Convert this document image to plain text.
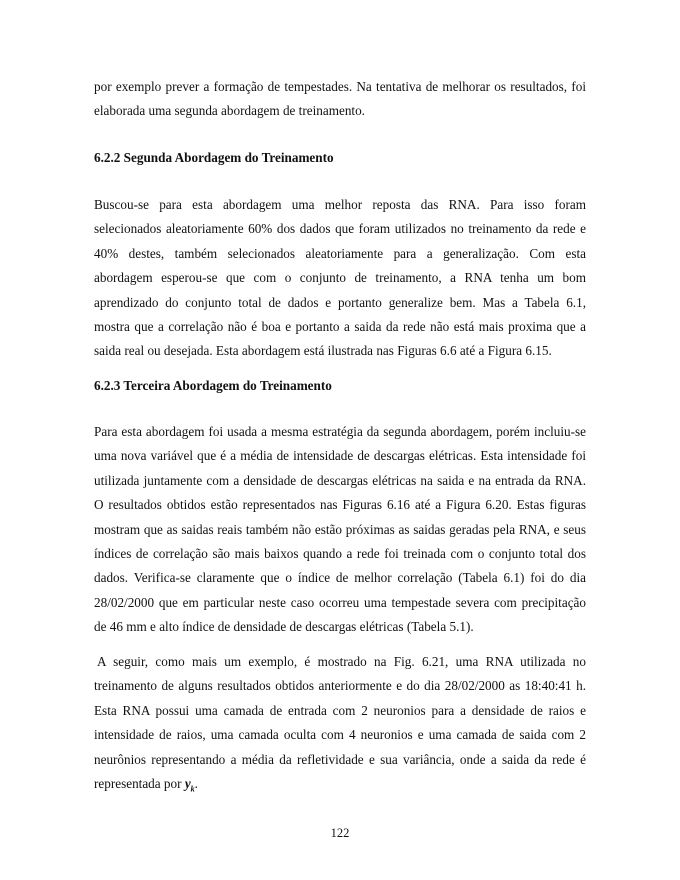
por exemplo prever a formação de tempestades. Na tentativa de melhorar os resultados, foi
elaborada uma segunda abordagem de treinamento.
6.2.2 Segunda Abordagem do Treinamento
Buscou-se para esta abordagem uma melhor reposta das RNA. Para isso foram
selecionados aleatoriamente 60% dos dados que foram utilizados no treinamento da rede e
40% destes, também selecionados aleatoriamente para a generalização. Com esta
abordagem esperou-se que com o conjunto de treinamento, a RNA tenha um bom
aprendizado do conjunto total de dados e portanto generalize bem. Mas a Tabela 6.1,
mostra que a correlação não é boa e portanto a saida da rede não está mais proxima que a
saida real ou desejada. Esta abordagem está ilustrada nas Figuras 6.6 até a Figura 6.15.
6.2.3 Terceira Abordagem do Treinamento
Para esta abordagem foi usada a mesma estratégia da segunda abordagem, porém incluiu-se
uma nova variável que é a média de intensidade de descargas elétricas. Esta intensidade foi
utilizada juntamente com a densidade de descargas elétricas na saida e na entrada da RNA.
O resultados obtidos estão representados nas Figuras 6.16 até a Figura 6.20. Estas figuras
mostram que as saidas reais também não estão próximas as saidas geradas pela RNA, e seus
índices de correlação são mais baixos quando a rede foi treinada com o conjunto total dos
dados. Verifica-se claramente que o índice de melhor correlação (Tabela 6.1) foi do dia
28/02/2000 que em particular neste caso ocorreu uma tempestade severa com precipitação
de 46 mm e alto índice de densidade de descargas elétricas (Tabela 5.1).
A seguir, como mais um exemplo, é mostrado na Fig. 6.21, uma RNA utilizada no
treinamento de alguns resultados obtidos anteriormente e do dia 28/02/2000 as 18:40:41 h.
Esta RNA possui uma camada de entrada com 2 neuronios para a densidade de raios e
intensidade de raios, uma camada oculta com 4 neuronios e uma camada de saida com 2
neurônios representando a média da refletividade e sua variância, onde a saida da rede é
representada por $y_k$.
122
